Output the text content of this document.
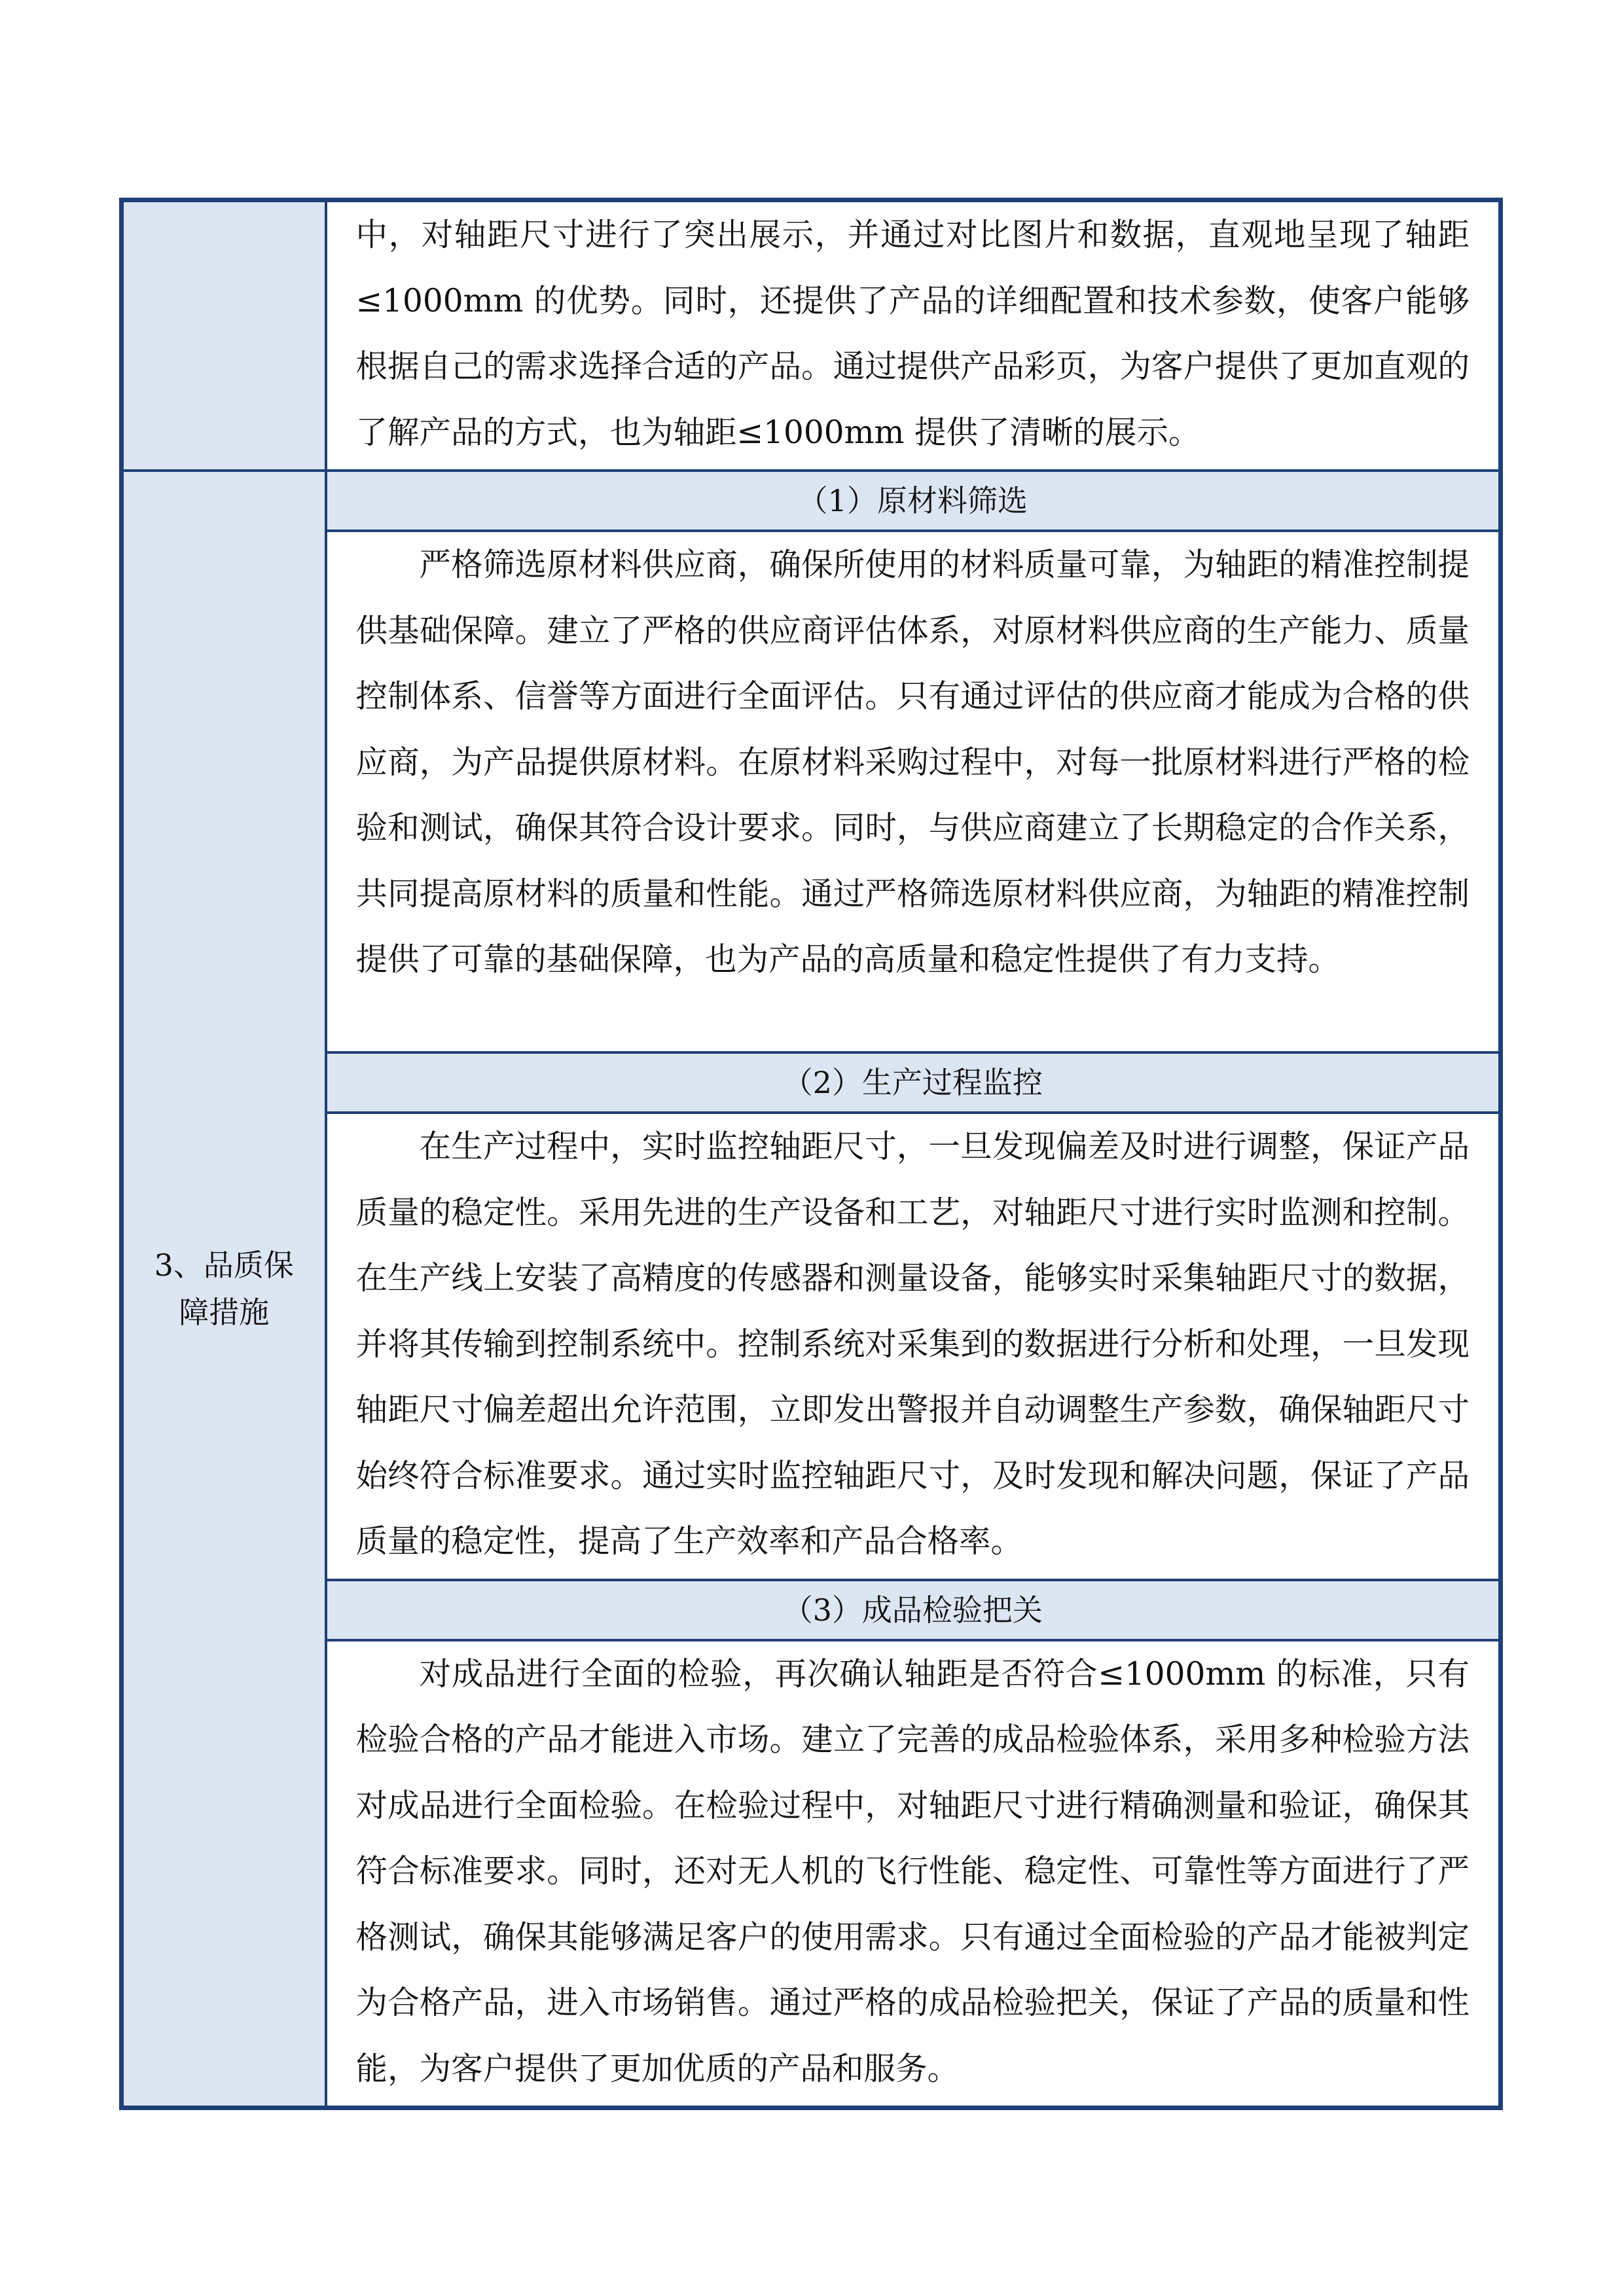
	中，对轴距尺寸进行了突出展示，并通过对比图片和数据，直观地呈现了轴距≤1000mm 的优势。同时，还提供了产品的详细配置和技术参数，使客户能够根据自己的需求选择合适的产品。通过提供产品彩页，为客户提供了更加直观的了解产品的方式，也为轴距≤1000mm 提供了清晰的展示。

3、品质保
障措施	（1）原材料筛选
	严格筛选原材料供应商，确保所使用的材料质量可靠，为轴距的精准控制提供基础保障。建立了严格的供应商评估体系，对原材料供应商的生产能力、质量控制体系、信誉等方面进行全面评估。只有通过评估的供应商才能成为合格的供应商，为产品提供原材料。在原材料采购过程中，对每一批原材料进行严格的检验和测试，确保其符合设计要求。同时，与供应商建立了长期稳定的合作关系，共同提高原材料的质量和性能。通过严格筛选原材料供应商，为轴距的精准控制提供了可靠的基础保障，也为产品的高质量和稳定性提供了有力支持。
	（2）生产过程监控
	在生产过程中，实时监控轴距尺寸，一旦发现偏差及时进行调整，保证产品质量的稳定性。采用先进的生产设备和工艺，对轴距尺寸进行实时监测和控制。在生产线上安装了高精度的传感器和测量设备，能够实时采集轴距尺寸的数据，并将其传输到控制系统中。控制系统对采集到的数据进行分析和处理，一旦发现轴距尺寸偏差超出允许范围，立即发出警报并自动调整生产参数，确保轴距尺寸始终符合标准要求。通过实时监控轴距尺寸，及时发现和解决问题，保证了产品质量的稳定性，提高了生产效率和产品合格率。
	（3）成品检验把关
	对成品进行全面的检验，再次确认轴距是否符合≤1000mm 的标准，只有检验合格的产品才能进入市场。建立了完善的成品检验体系，采用多种检验方法对成品进行全面检验。在检验过程中，对轴距尺寸进行精确测量和验证，确保其符合标准要求。同时，还对无人机的飞行性能、稳定性、可靠性等方面进行了严格测试，确保其能够满足客户的使用需求。只有通过全面检验的产品才能被判定为合格产品，进入市场销售。通过严格的成品检验把关，保证了产品的质量和性能，为客户提供了更加优质的产品和服务。
